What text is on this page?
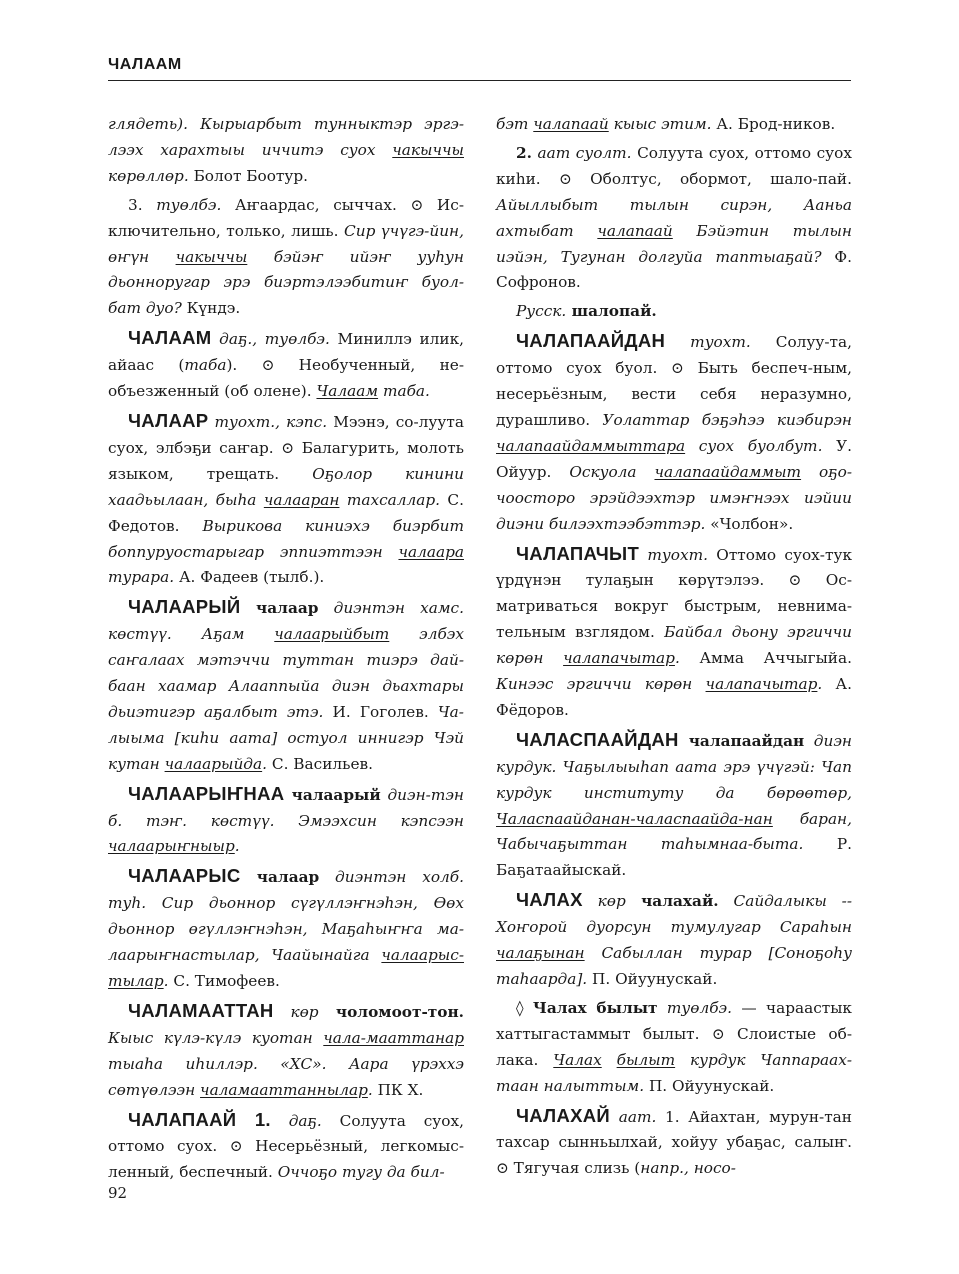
ЧАЛААМ

глядеть). Кырыарбыт тунныктэр эргэ-лээх харахтыы иччитэ суох чакыччы көрөллөр. Болот Боотур.

3. туөлбэ. Аҥаардас, сыччах. ⊙ Ис-ключительно, только, лишь. Сир үчүгэ-йин, өҥүн чакыччы бэйэҥ ийэҥ ууһун дьонноругар эрэ биэртэлээбитиҥ буол-бат дуо? Күндэ.

ЧАЛААМ даҕ., туөлбэ. Миниллэ илик, айаас (таба). ⊙ Необученный, не-объезженный (об олене). Чалаам таба.

ЧАЛААР туохт., кэпс. Мээнэ, со-луута суох, элбэҕи саҥар. ⊙ Балагурить, молоть языком, трещать. Оҕолор кинини хаадьылаан, быһа чалааран тахсаллар. С. Федотов. Вырикова киниэхэ биэрбит боппуруостарыгар эппиэттээн чалаара турара. А. Фадеев (тылб.).

ЧАЛААРЫЙ чалаар диэнтэн хамс. көстүү. Аҕам чалаарыйбыт элбэх саҥалаах мэтэччи туттан тиэрэ дай-баан хаамар Алааппыйа диэн дьахтары дьиэтигэр аҕалбыт этэ. И. Гоголев. Ча-лыыма [киһи аата] остуол иннигэр Чэй кутан чалаарыйда. С. Васильев.

ЧАЛААРЫҤНАА чалаарый диэн-тэн б. тэҥ. көстүү. Эмээхсин кэпсээн чалаарыҥныыр.

ЧАЛААРЫС чалаар диэнтэн холб. туһ. Сир дьоннор сүгүллэҥнэһэн, Өөх дьоннор өгүллэҥнэһэн, Маҕаһыҥҥа ма-лаарыҥнастылар, Чаайынайга чалаарыс-тылар. С. Тимофеев.

ЧАЛАМААТТАН көр чоломоот-тон. Кыыс күлэ-күлэ куотан чала-мааттанар тыаһа иһиллэр. «ХС». Аара үрэххэ сөтүөлээн чаламааттаннылар. ПК Х.

ЧАЛАПААЙ 1. даҕ. Солуута суох, оттомо суох. ⊙ Несерьёзный, легкомыс-ленный, беспечный. Оччоҕо тугу да бил-

бэт чалапаай кыыс этим. А. Брод-ников.

2. аат суолт. Солуута суох, оттомо суох киһи. ⊙ Оболтус, обормот, шало-пай. Айыллыбыт тылын сирэн, Ааньа ахтыбат чалапаай Бэйэтин тылын иэйэн, Тугунан долгуйа таптыаҕай? Ф. Софронов.

Ρусск. шалопай.

ЧАЛАПААЙДАН туохт. Солуу-та, оттомо суох буол. ⊙ Быть беспеч-ным, несерьёзным, вести себя неразумно, дурашливо. Уолаттар бэҕэһээ киэбирэн чалапаайдаммыттара суох буолбут. У. Ойуур. Оскуола чалапаайдаммыт оҕо-чоосторо эрэйдээхтэр имэҥнээх иэйии диэни билээхтээбэттэр. «Чолбон».

ЧАЛАПАЧЫТ туохт. Оттомо суох-тук үрдүнэн тулаҕын көрүтэлээ. ⊙ Ос-матриваться вокруг быстрым, невнима-тельным взглядом. Байбал дьону эргиччи көрөн чалапачытар. Амма Аччыгыйа. Кинээс эргиччи көрөн чалапачытар. А. Фёдоров.

ЧАЛАСПААЙДАН чалапаайдан диэн курдук. Чаҕылыыһап аата эрэ үчүгэй: Чап курдук институту да бөрөөтөр, Чаласпаайданан-чаласпаайда-нан баран, Чабычаҕыттан таһымнаа-быта. Ρ. Баҕатаайыскай.

ЧАЛАХ көр чалахай. Сайдалыкы -- Хоҥорой дуорсун тумулугар Сараһын чалаҕынан Сабыллан турар [Соноҕоһу таһаарда]. П. Ойуунускай.

◊ Чалах былыт туөлбэ. — чараастык хаттыгастаммыт былыт. ⊙ Слоистые об-лака. Чалах былыт курдук Чаппараах-таан налыттым. П. Ойуунускай.

ЧАЛАХАЙ аат. 1. Айахтан, мурун-тан тахсар сынньылхай, хойуу убаҕас, салыҥ. ⊙ Тягучая слизь (напр., носо-

92
